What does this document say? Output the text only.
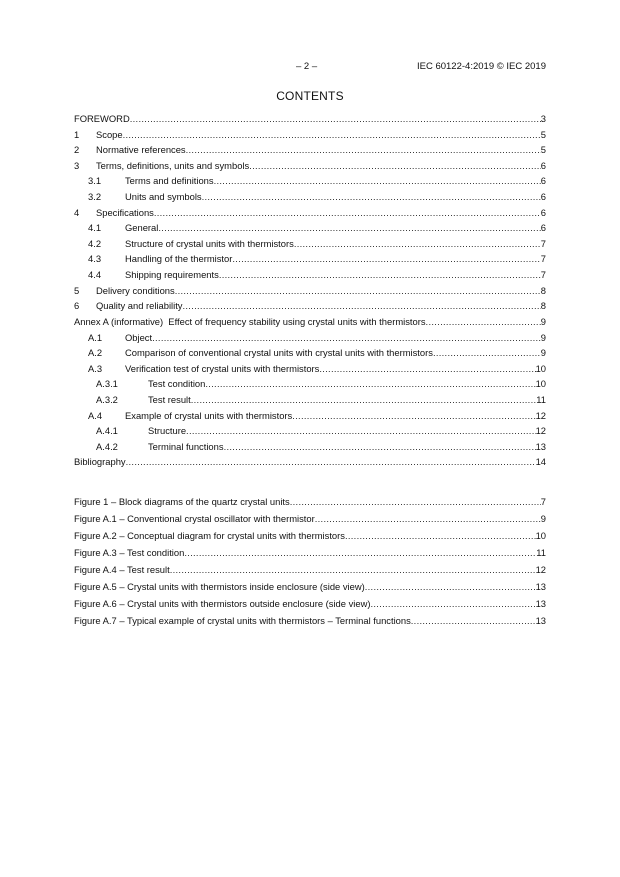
– 2 –	IEC 60122-4:2019 © IEC 2019
CONTENTS
FOREWORD .....	3
1	Scope .....	5
2	Normative references .....	5
3	Terms, definitions, units and symbols .....	6
3.1	Terms and definitions .....	6
3.2	Units and symbols .....	6
4	Specifications .....	6
4.1	General .....	6
4.2	Structure of crystal units with thermistors .....	7
4.3	Handling of the thermistor .....	7
4.4	Shipping requirements .....	7
5	Delivery conditions .....	8
6	Quality and reliability .....	8
Annex A (informative)  Effect of frequency stability using crystal units with thermistors .....	9
A.1	Object .....	9
A.2	Comparison of conventional crystal units with crystal units with thermistors .....	9
A.3	Verification test of crystal units with thermistors .....	10
A.3.1	Test condition .....	10
A.3.2	Test result .....	11
A.4	Example of crystal units with thermistors .....	12
A.4.1	Structure .....	12
A.4.2	Terminal functions .....	13
Bibliography .....	14
Figure 1 – Block diagrams of the quartz crystal units .....	7
Figure A.1 – Conventional crystal oscillator with thermistor .....	9
Figure A.2 – Conceptual diagram for crystal units with thermistors .....	10
Figure A.3 – Test condition .....	11
Figure A.4 – Test result .....	12
Figure A.5 – Crystal units with thermistors inside enclosure (side view) .....	13
Figure A.6 – Crystal units with thermistors outside enclosure (side view) .....	13
Figure A.7 – Typical example of crystal units with thermistors – Terminal functions .....	13
